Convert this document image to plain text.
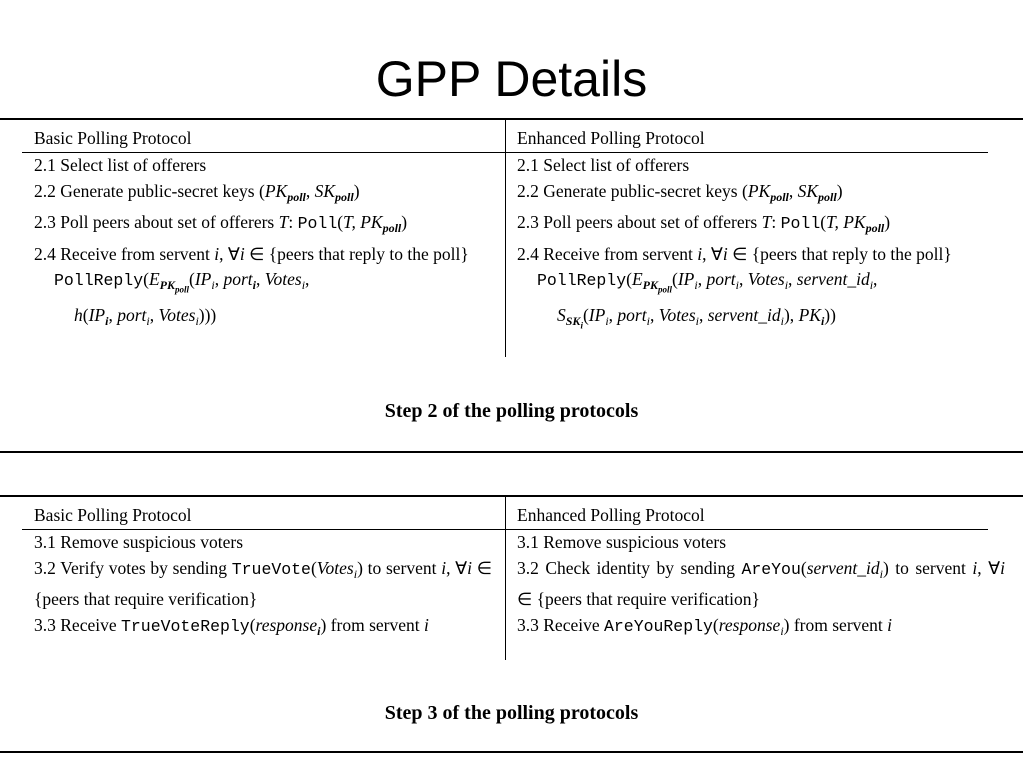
GPP Details
Basic Polling Protocol	Enhanced Polling Protocol

2.1 Select list of offerers

2.2 Generate public-secret keys ($PK_{poll}$, $SK_{poll}$)

2.3 Poll peers about set of offerers T: Poll(T, $PK_{poll}$)

2.4 Receive from servent i, ∀i ∈ {peers that reply to the poll}

$PollReply(E_{PK_{poll}}(IP_i$, port$_i$, Votes$_i$,

$h(IP_i$, port$_i$, Votes$_i$)))

2.1 Select list of offerers

2.2 Generate public-secret keys ($PK_{poll}$, $SK_{poll}$)

2.3 Poll peers about set of offerers T: Poll(T, $PK_{poll}$)

2.4 Receive from servent i, ∀i ∈ {peers that reply to the poll}

$PollReply(E_{PK_{poll}}(IP_i$, port$_i$, Votes$_i$, $servent\_id_i$,

$S_{SK_i}(IP_i$, port$_i$, Votes$_i$, $servent\_id_i$), $PK_i$))

Step 2 of the polling protocols
Basic Polling Protocol	Enhanced Polling Protocol

3.1 Remove suspicious voters

3.2 Verify votes by sending TrueVote(Votes$_i$) to servent i, ∀i ∈ {peers that require verification}

3.3 Receive TrueVoteReply(response$_i$) from servent i

3.1 Remove suspicious voters

3.2 Check identity by sending $AreYou(servent\_id_i)$ to servent i, ∀i ∈ {peers that require verification}

3.3 Receive AreYouReply(response$_i$) from servent i

Step 3 of the polling protocols
